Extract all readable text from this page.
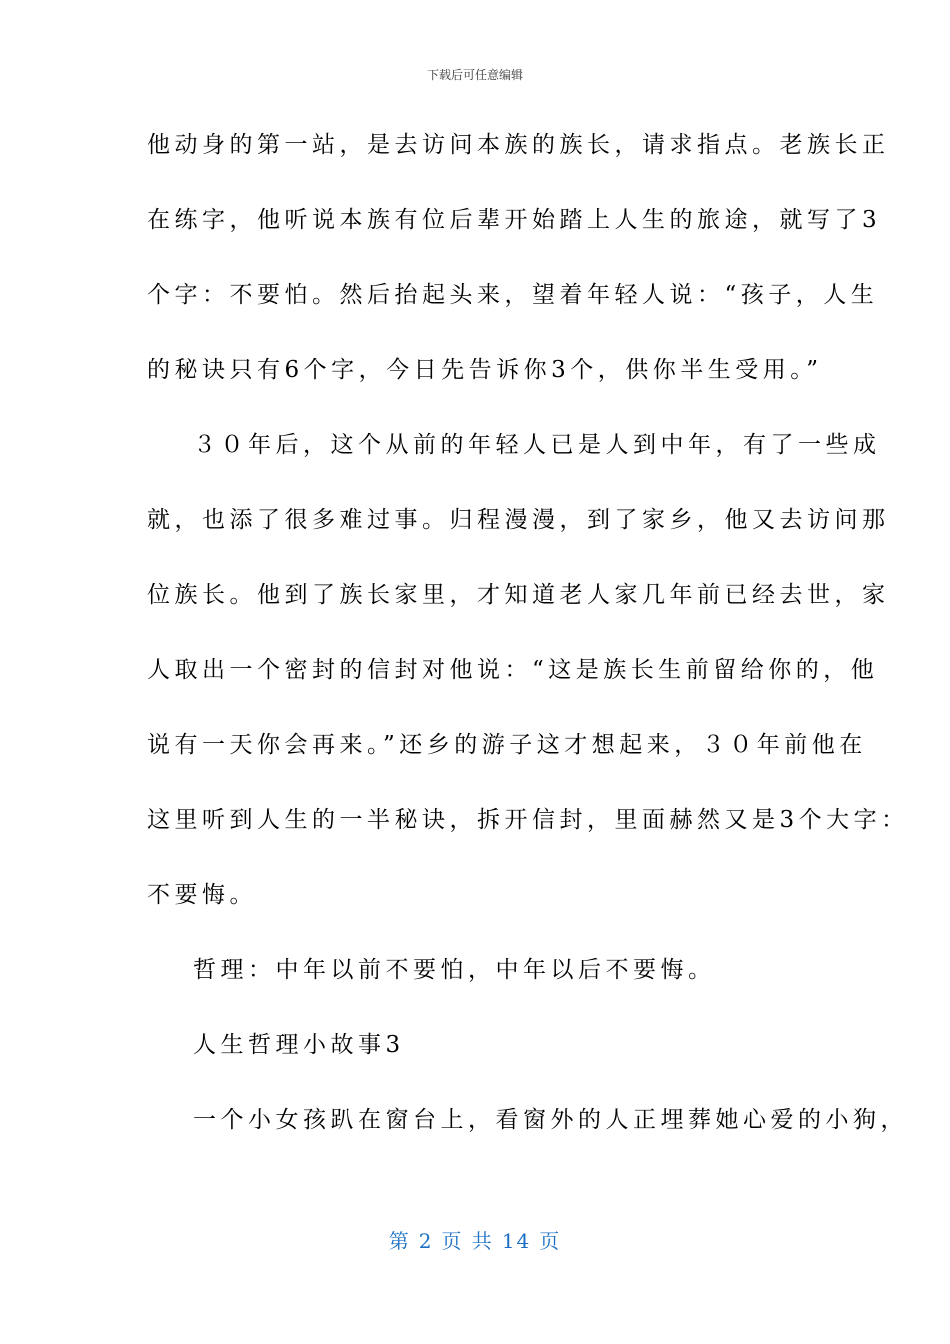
下载后可任意编辑
他动身的第一站，是去访问本族的族长，请求指点。老族长正
在练字，他听说本族有位后辈开始踏上人生的旅途，就写了3
个字：不要怕。然后抬起头来，望着年轻人说：“孩子，人生
的秘诀只有6个字，今日先告诉你3个，供你半生受用。”
３０年后，这个从前的年轻人已是人到中年，有了一些成
就，也添了很多难过事。归程漫漫，到了家乡，他又去访问那
位族长。他到了族长家里，才知道老人家几年前已经去世，家
人取出一个密封的信封对他说：“这是族长生前留给你的，他
说有一天你会再来。”还乡的游子这才想起来，３０年前他在
这里听到人生的一半秘诀，拆开信封，里面赫然又是3个大字：
不要悔。
哲理：中年以前不要怕，中年以后不要悔。
人生哲理小故事3
一个小女孩趴在窗台上，看窗外的人正埋葬她心爱的小狗，
第 2 页 共 14 页
